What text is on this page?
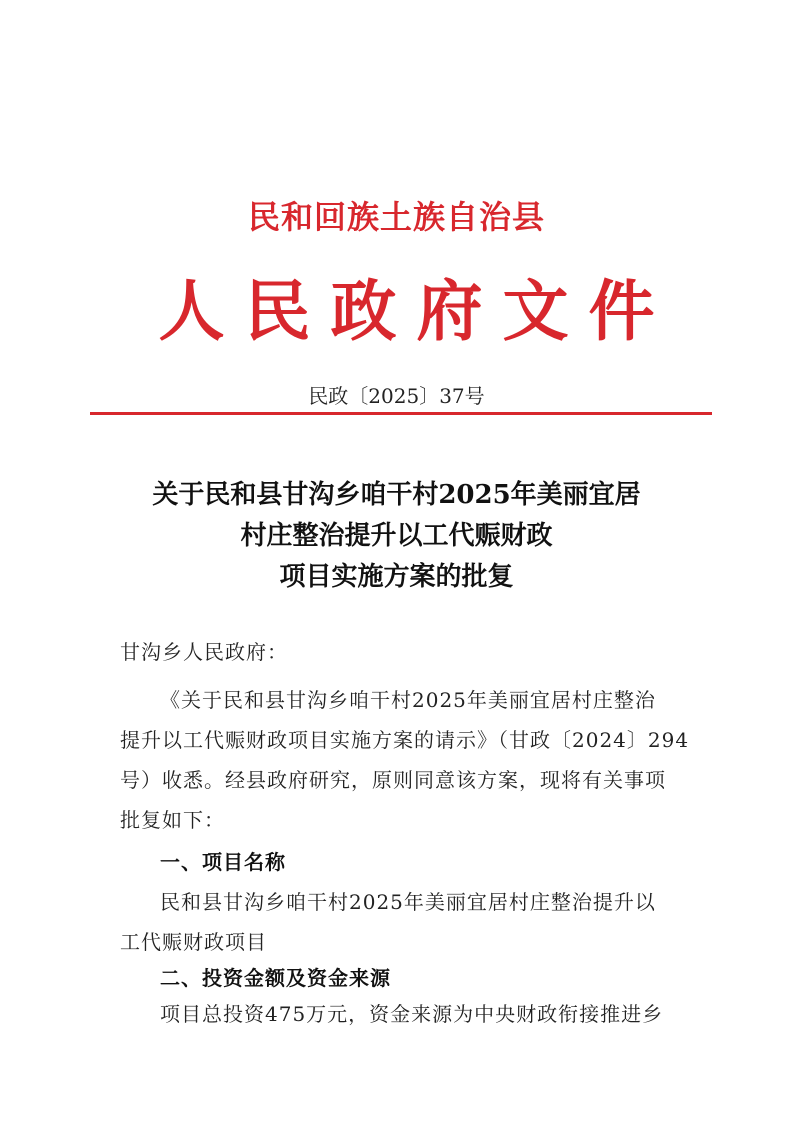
民和回族土族自治县
人民政府文件
民政〔2025〕37号
关于民和县甘沟乡咱干村2025年美丽宜居
村庄整治提升以工代赈财政
项目实施方案的批复
甘沟乡人民政府：
《关于民和县甘沟乡咱干村2025年美丽宜居村庄整治
提升以工代赈财政项目实施方案的请示》（甘政〔2024〕294
号）收悉。经县政府研究，原则同意该方案，现将有关事项
批复如下：
一、项目名称
民和县甘沟乡咱干村2025年美丽宜居村庄整治提升以
工代赈财政项目
二、投资金额及资金来源
项目总投资475万元，资金来源为中央财政衔接推进乡
